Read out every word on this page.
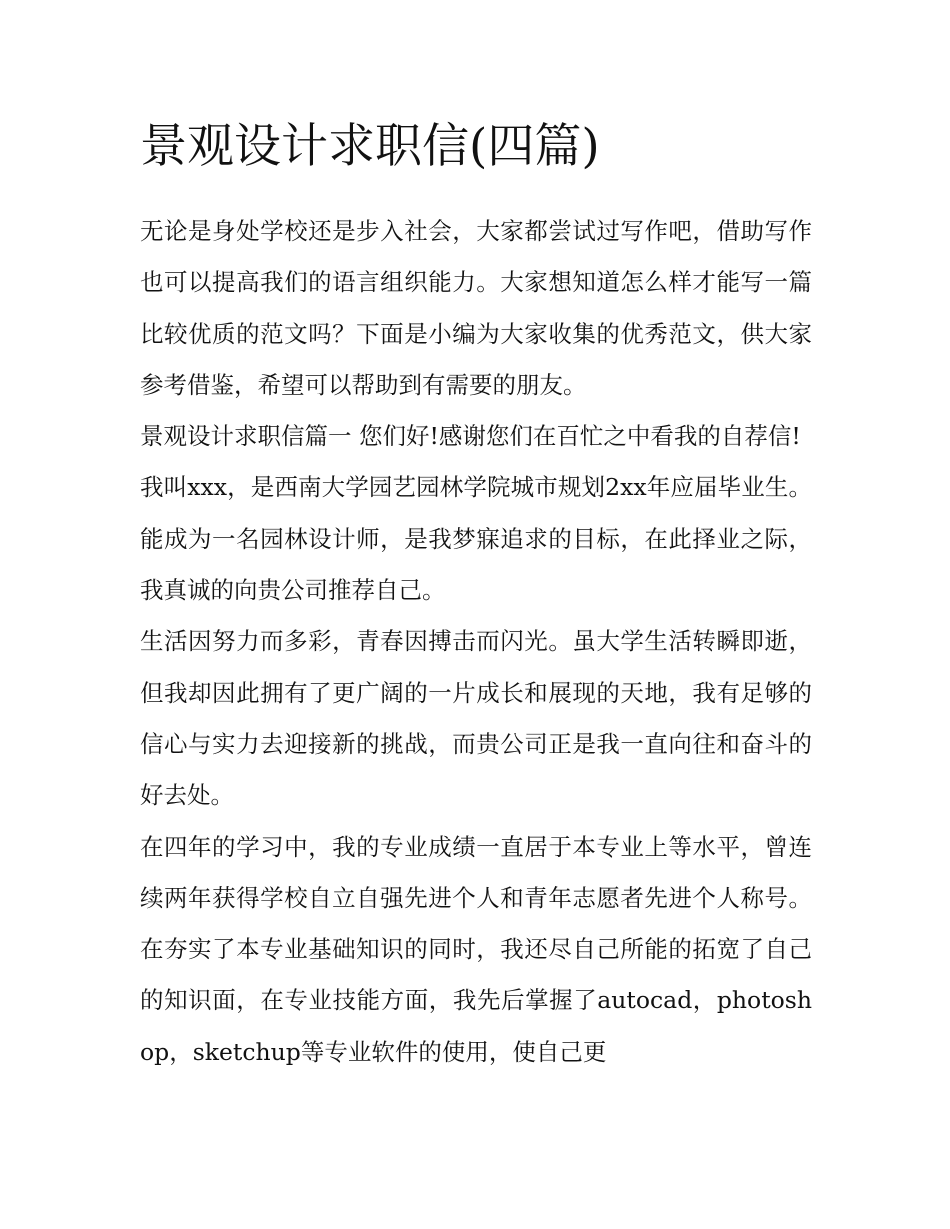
景观设计求职信(四篇)

无论是身处学校还是步入社会，大家都尝试过写作吧，借助写作也可以提高我们的语言组织能力。大家想知道怎么样才能写一篇比较优质的范文吗？下面是小编为大家收集的优秀范文，供大家参考借鉴，希望可以帮助到有需要的朋友。

景观设计求职信篇一 您们好!感谢您们在百忙之中看我的自荐信!

我叫xxx，是西南大学园艺园林学院城市规划2xx年应届毕业生。能成为一名园林设计师，是我梦寐追求的目标，在此择业之际，我真诚的向贵公司推荐自己。

生活因努力而多彩，青春因搏击而闪光。虽大学生活转瞬即逝，但我却因此拥有了更广阔的一片成长和展现的天地，我有足够的信心与实力去迎接新的挑战，而贵公司正是我一直向往和奋斗的好去处。

在四年的学习中，我的专业成绩一直居于本专业上等水平，曾连续两年获得学校自立自强先进个人和青年志愿者先进个人称号。在夯实了本专业基础知识的同时，我还尽自己所能的拓宽了自己的知识面，在专业技能方面，我先后掌握了autocad，photoshop，sketchup等专业软件的使用，使自己更
